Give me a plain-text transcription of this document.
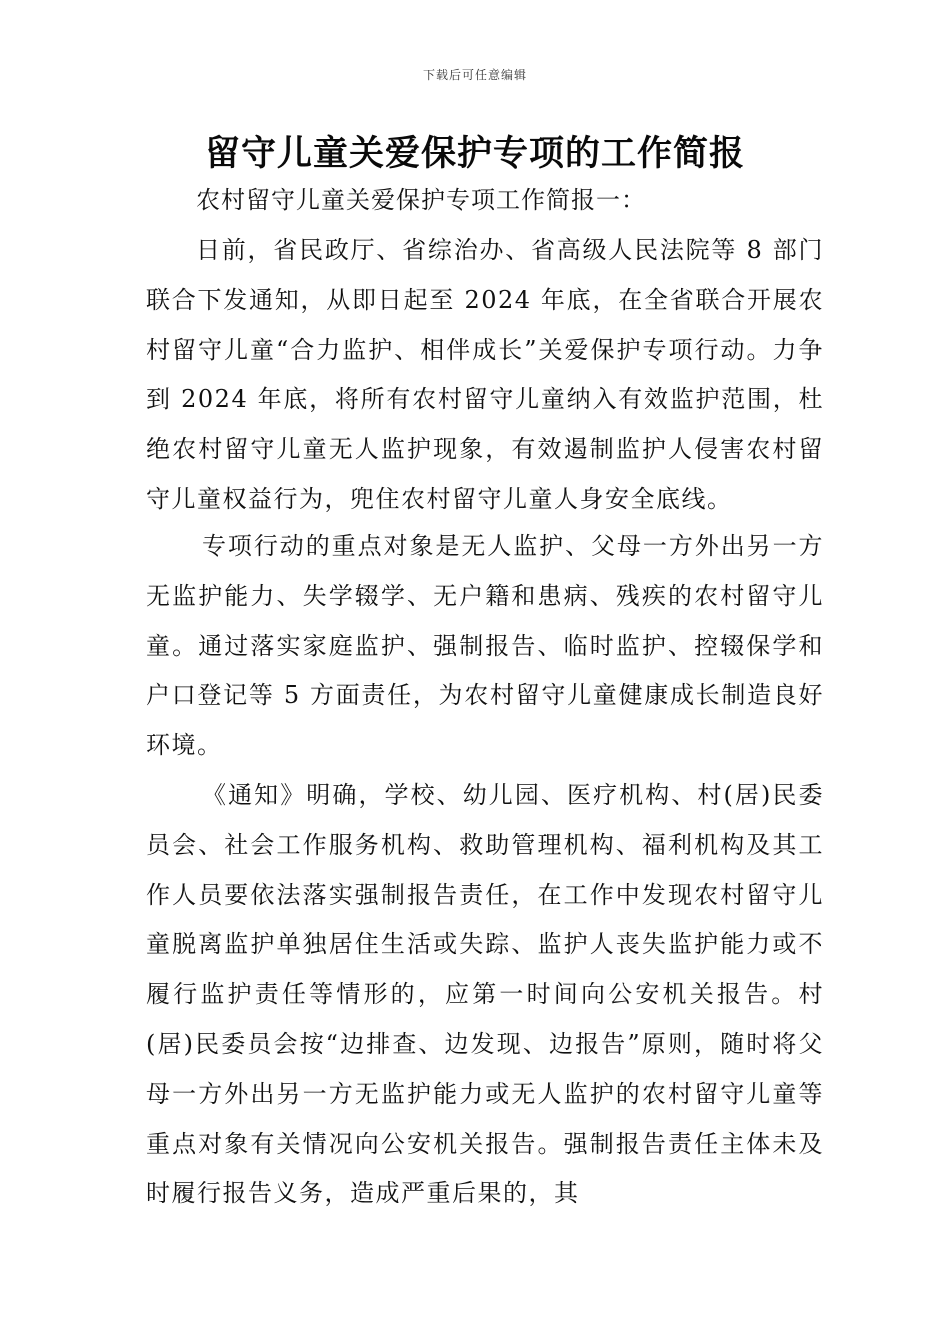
下载后可任意编辑
留守儿童关爱保护专项的工作简报
农村留守儿童关爱保护专项工作简报一：

日前，省民政厅、省综治办、省高级人民法院等 8 部门联合下发通知，从即日起至 2024 年底，在全省联合开展农村留守儿童“合力监护、相伴成长”关爱保护专项行动。力争到 2024 年底，将所有农村留守儿童纳入有效监护范围，杜绝农村留守儿童无人监护现象，有效遏制监护人侵害农村留守儿童权益行为，兜住农村留守儿童人身安全底线。

专项行动的重点对象是无人监护、父母一方外出另一方无监护能力、失学辍学、无户籍和患病、残疾的农村留守儿童。通过落实家庭监护、强制报告、临时监护、控辍保学和户口登记等 5 方面责任，为农村留守儿童健康成长制造良好环境。

《通知》明确，学校、幼儿园、医疗机构、村(居)民委员会、社会工作服务机构、救助管理机构、福利机构及其工作人员要依法落实强制报告责任，在工作中发现农村留守儿童脱离监护单独居住生活或失踪、监护人丧失监护能力或不履行监护责任等情形的，应第一时间向公安机关报告。村(居)民委员会按“边排查、边发现、边报告”原则，随时将父母一方外出另一方无监护能力或无人监护的农村留守儿童等重点对象有关情况向公安机关报告。强制报告责任主体未及时履行报告义务，造成严重后果的，其
